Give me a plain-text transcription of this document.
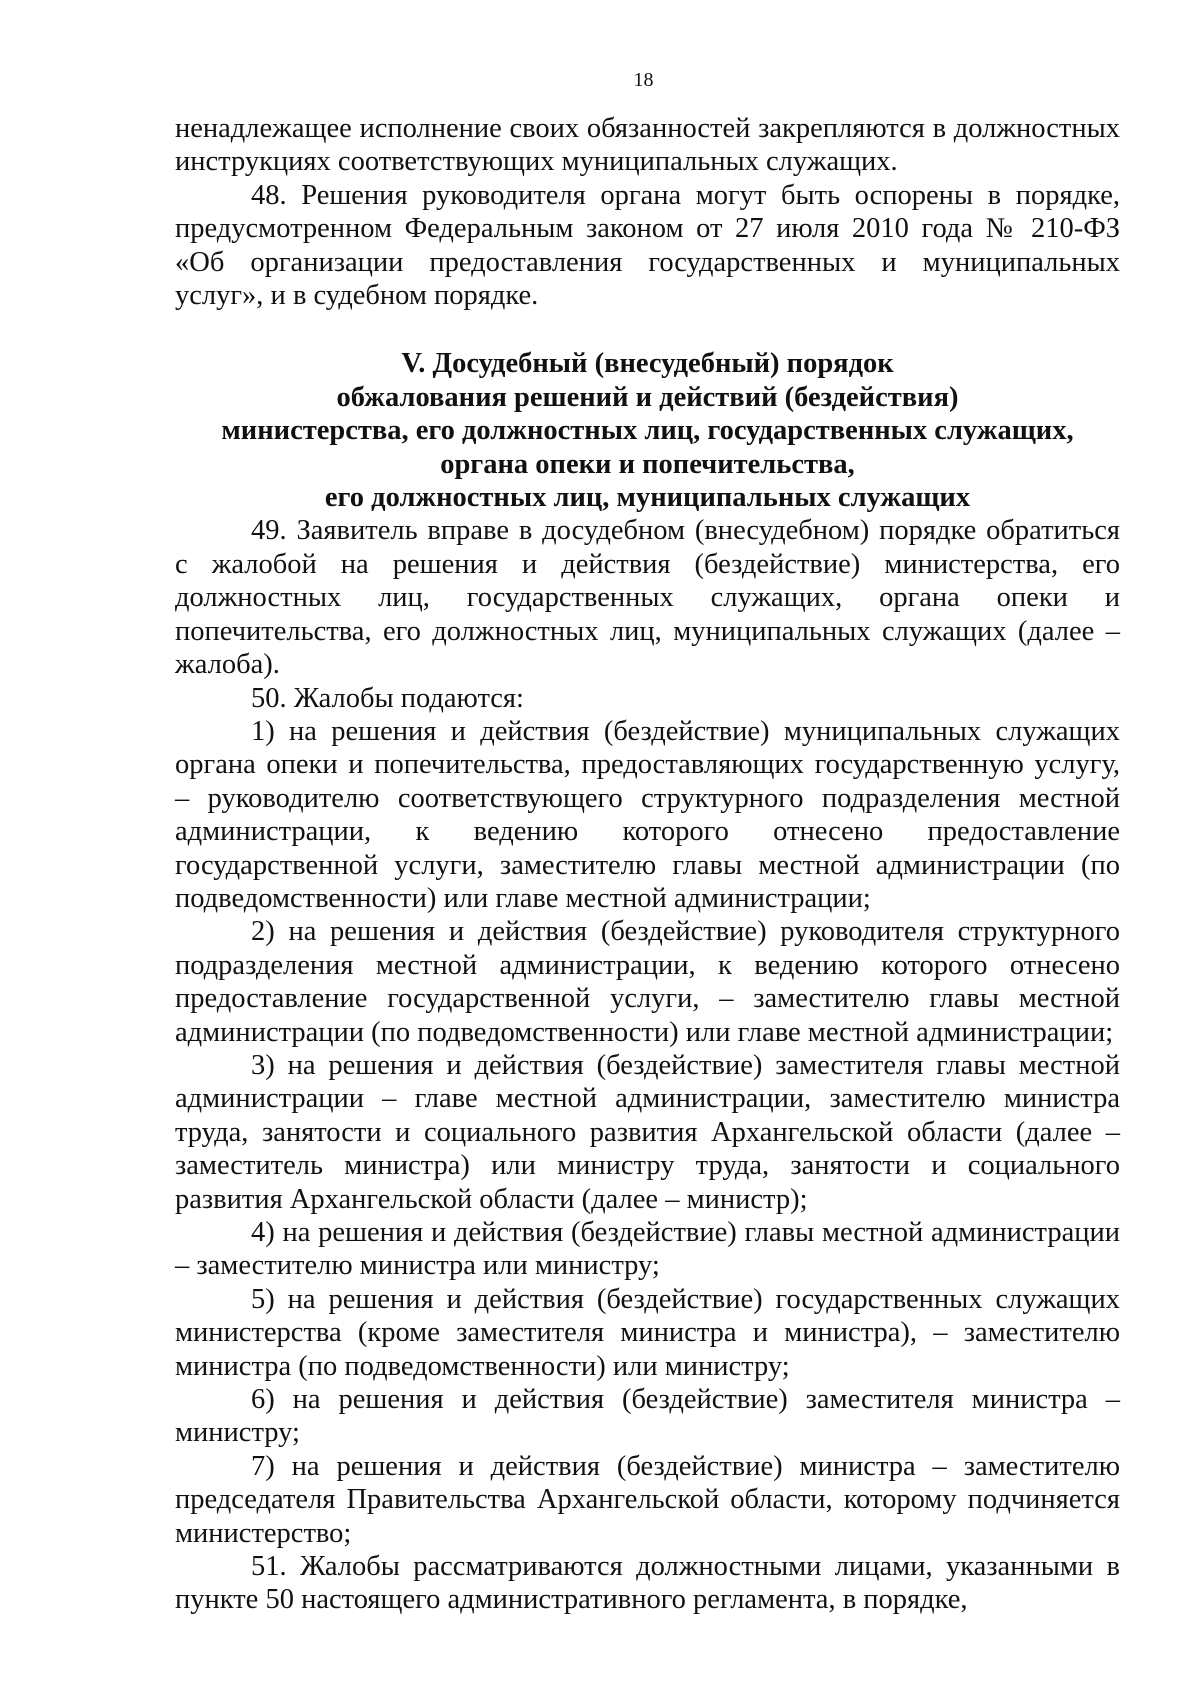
18

ненадлежащее исполнение своих обязанностей закрепляются в должностных инструкциях соответствующих муниципальных служащих.

48. Решения руководителя органа могут быть оспорены в порядке, предусмотренном Федеральным законом от 27 июля 2010 года № 210-ФЗ «Об организации предоставления государственных и муниципальных услуг», и в судебном порядке.

V. Досудебный (внесудебный) порядок
обжалования решений и действий (бездействия)
министерства, его должностных лиц, государственных служащих,
органа опеки и попечительства,
его должностных лиц, муниципальных служащих

49. Заявитель вправе в досудебном (внесудебном) порядке обратиться с жалобой на решения и действия (бездействие) министерства, его должностных лиц, государственных служащих, органа опеки и попечительства, его должностных лиц, муниципальных служащих (далее – жалоба).

50. Жалобы подаются:

1) на решения и действия (бездействие) муниципальных служащих органа опеки и попечительства, предоставляющих государственную услугу, – руководителю соответствующего структурного подразделения местной администрации, к ведению которого отнесено предоставление государственной услуги, заместителю главы местной администрации (по подведомственности) или главе местной администрации;

2) на решения и действия (бездействие) руководителя структурного подразделения местной администрации, к ведению которого отнесено предоставление государственной услуги, – заместителю главы местной администрации (по подведомственности) или главе местной администрации;

3) на решения и действия (бездействие) заместителя главы местной администрации – главе местной администрации, заместителю министра труда, занятости и социального развития Архангельской области (далее – заместитель министра) или министру труда, занятости и социального развития Архангельской области (далее – министр);

4) на решения и действия (бездействие) главы местной администрации – заместителю министра или министру;

5) на решения и действия (бездействие) государственных служащих министерства (кроме заместителя министра и министра), – заместителю министра (по подведомственности) или министру;

6) на решения и действия (бездействие) заместителя министра – министру;

7) на решения и действия (бездействие) министра – заместителю председателя Правительства Архангельской области, которому подчиняется министерство;

51. Жалобы рассматриваются должностными лицами, указанными в пункте 50 настоящего административного регламента, в порядке,
